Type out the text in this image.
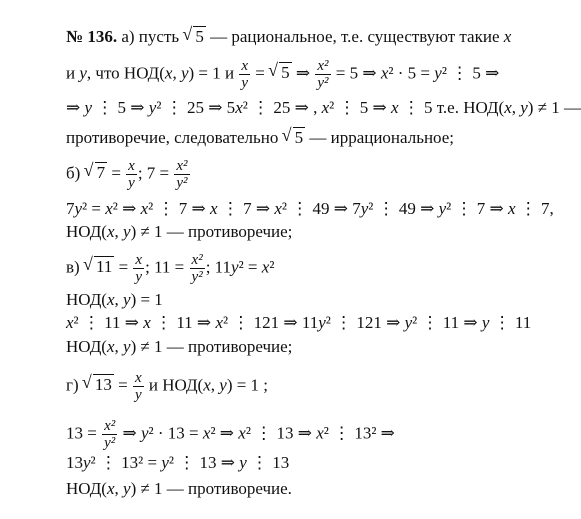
№ 136. а) пусть √ 5 — рациональное, т.е. существуют такие x
и y, что НОД(x, y) = 1 и $\frac{x}{y}$ = √ 5 ⇒ $\frac{\text{x²}}{\text{y²}} = 5$ ⇒ x² · 5 = y² ⋮ 5 ⇒
⇒ y ⋮ 5 ⇒ y² ⋮ 25 ⇒ 5x² ⋮ 25 ⇒ , x² ⋮ 5 ⇒ x ⋮ 5 т.е. НОД(x, y) ≠ 1 —
противоречие, следовательно √ 5 — иррациональное;
б) √ $7 = \frac{x}{y}$ ; $7 = \frac{\text{x²}}{\text{y²}}$
7y² = x² ⇒ x² ⋮ 7 ⇒ x ⋮ 7 ⇒ x² ⋮ 49 ⇒ 7y² ⋮ 49 ⇒ y² ⋮ 7 ⇒ x ⋮ 7,
НОД(x, y) ≠ 1 — противоречие;
в) √ $11 = \frac{x}{y}$ ; $11 = \frac{\text{x²}}{\text{y²}}$ ; 11y² = x²
НОД(x, y) = 1
x² ⋮ 11 ⇒ x ⋮ 11 ⇒ x² ⋮ 121 ⇒ 11y² ⋮ 121 ⇒ y² ⋮ 11 ⇒ y ⋮ 11
НОД(x, y) ≠ 1 — противоречие;
г) √ $13 = \frac{x}{y}$ и НОД(x, y) = 1 ;
$13 = \frac{\text{x²}}{\text{y²}}$ ⇒ y² · 13 = x² ⇒ x² ⋮ 13 ⇒ x² ⋮ 13² ⇒
13y² ⋮ 13² = y² ⋮ 13 ⇒ y ⋮ 13
НОД(x, y) ≠ 1 — противоречие.
